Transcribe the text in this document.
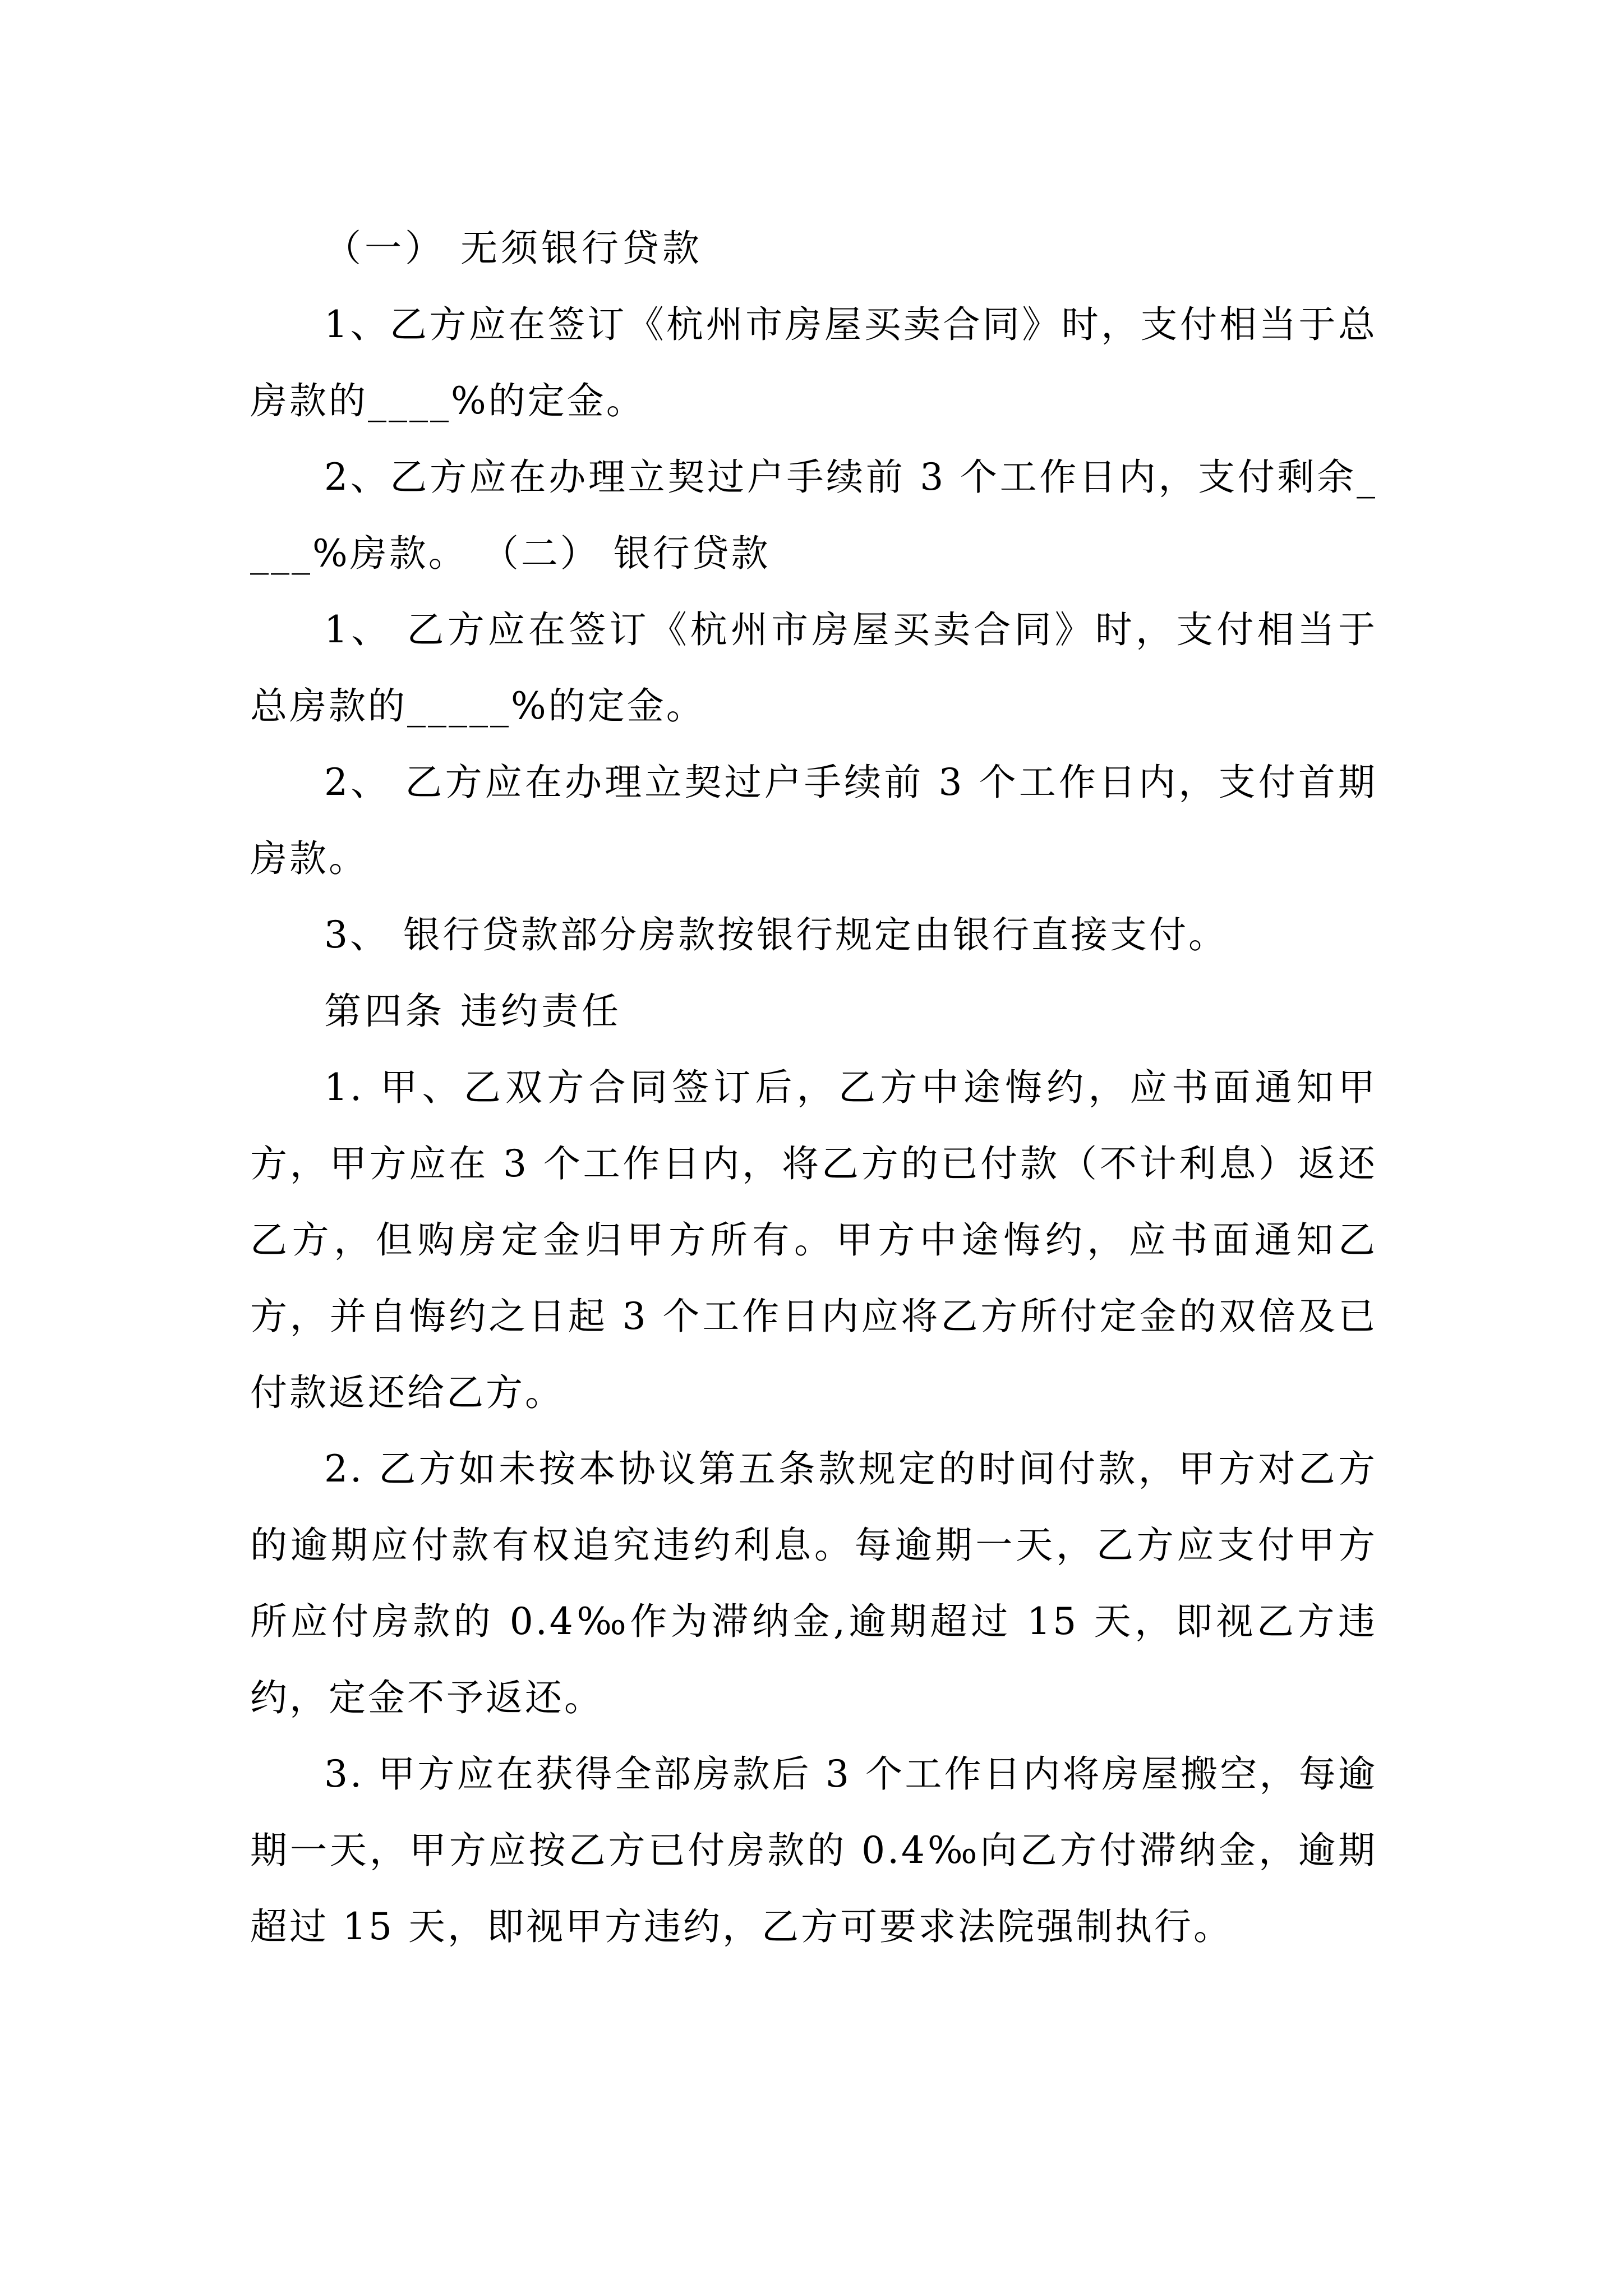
（一） 无须银行贷款

1、乙方应在签订《杭州市房屋买卖合同》时，支付相当于总房款的____%的定金。

2、乙方应在办理立契过户手续前 3 个工作日内，支付剩余____%房款。 （二） 银行贷款

1、 乙方应在签订《杭州市房屋买卖合同》时，支付相当于总房款的_____%的定金。

2、 乙方应在办理立契过户手续前 3 个工作日内，支付首期房款。

3、 银行贷款部分房款按银行规定由银行直接支付。

第四条 违约责任

1. 甲、乙双方合同签订后，乙方中途悔约，应书面通知甲方，甲方应在 3 个工作日内，将乙方的已付款（不计利息）返还乙方，但购房定金归甲方所有。甲方中途悔约，应书面通知乙方，并自悔约之日起 3 个工作日内应将乙方所付定金的双倍及已付款返还给乙方。

2. 乙方如未按本协议第五条款规定的时间付款，甲方对乙方的逾期应付款有权追究违约利息。每逾期一天，乙方应支付甲方所应付房款的 0.4‰作为滞纳金,逾期超过 15 天，即视乙方违约，定金不予返还。

3. 甲方应在获得全部房款后 3 个工作日内将房屋搬空，每逾期一天，甲方应按乙方已付房款的 0.4‰向乙方付滞纳金，逾期超过 15 天，即视甲方违约，乙方可要求法院强制执行。
